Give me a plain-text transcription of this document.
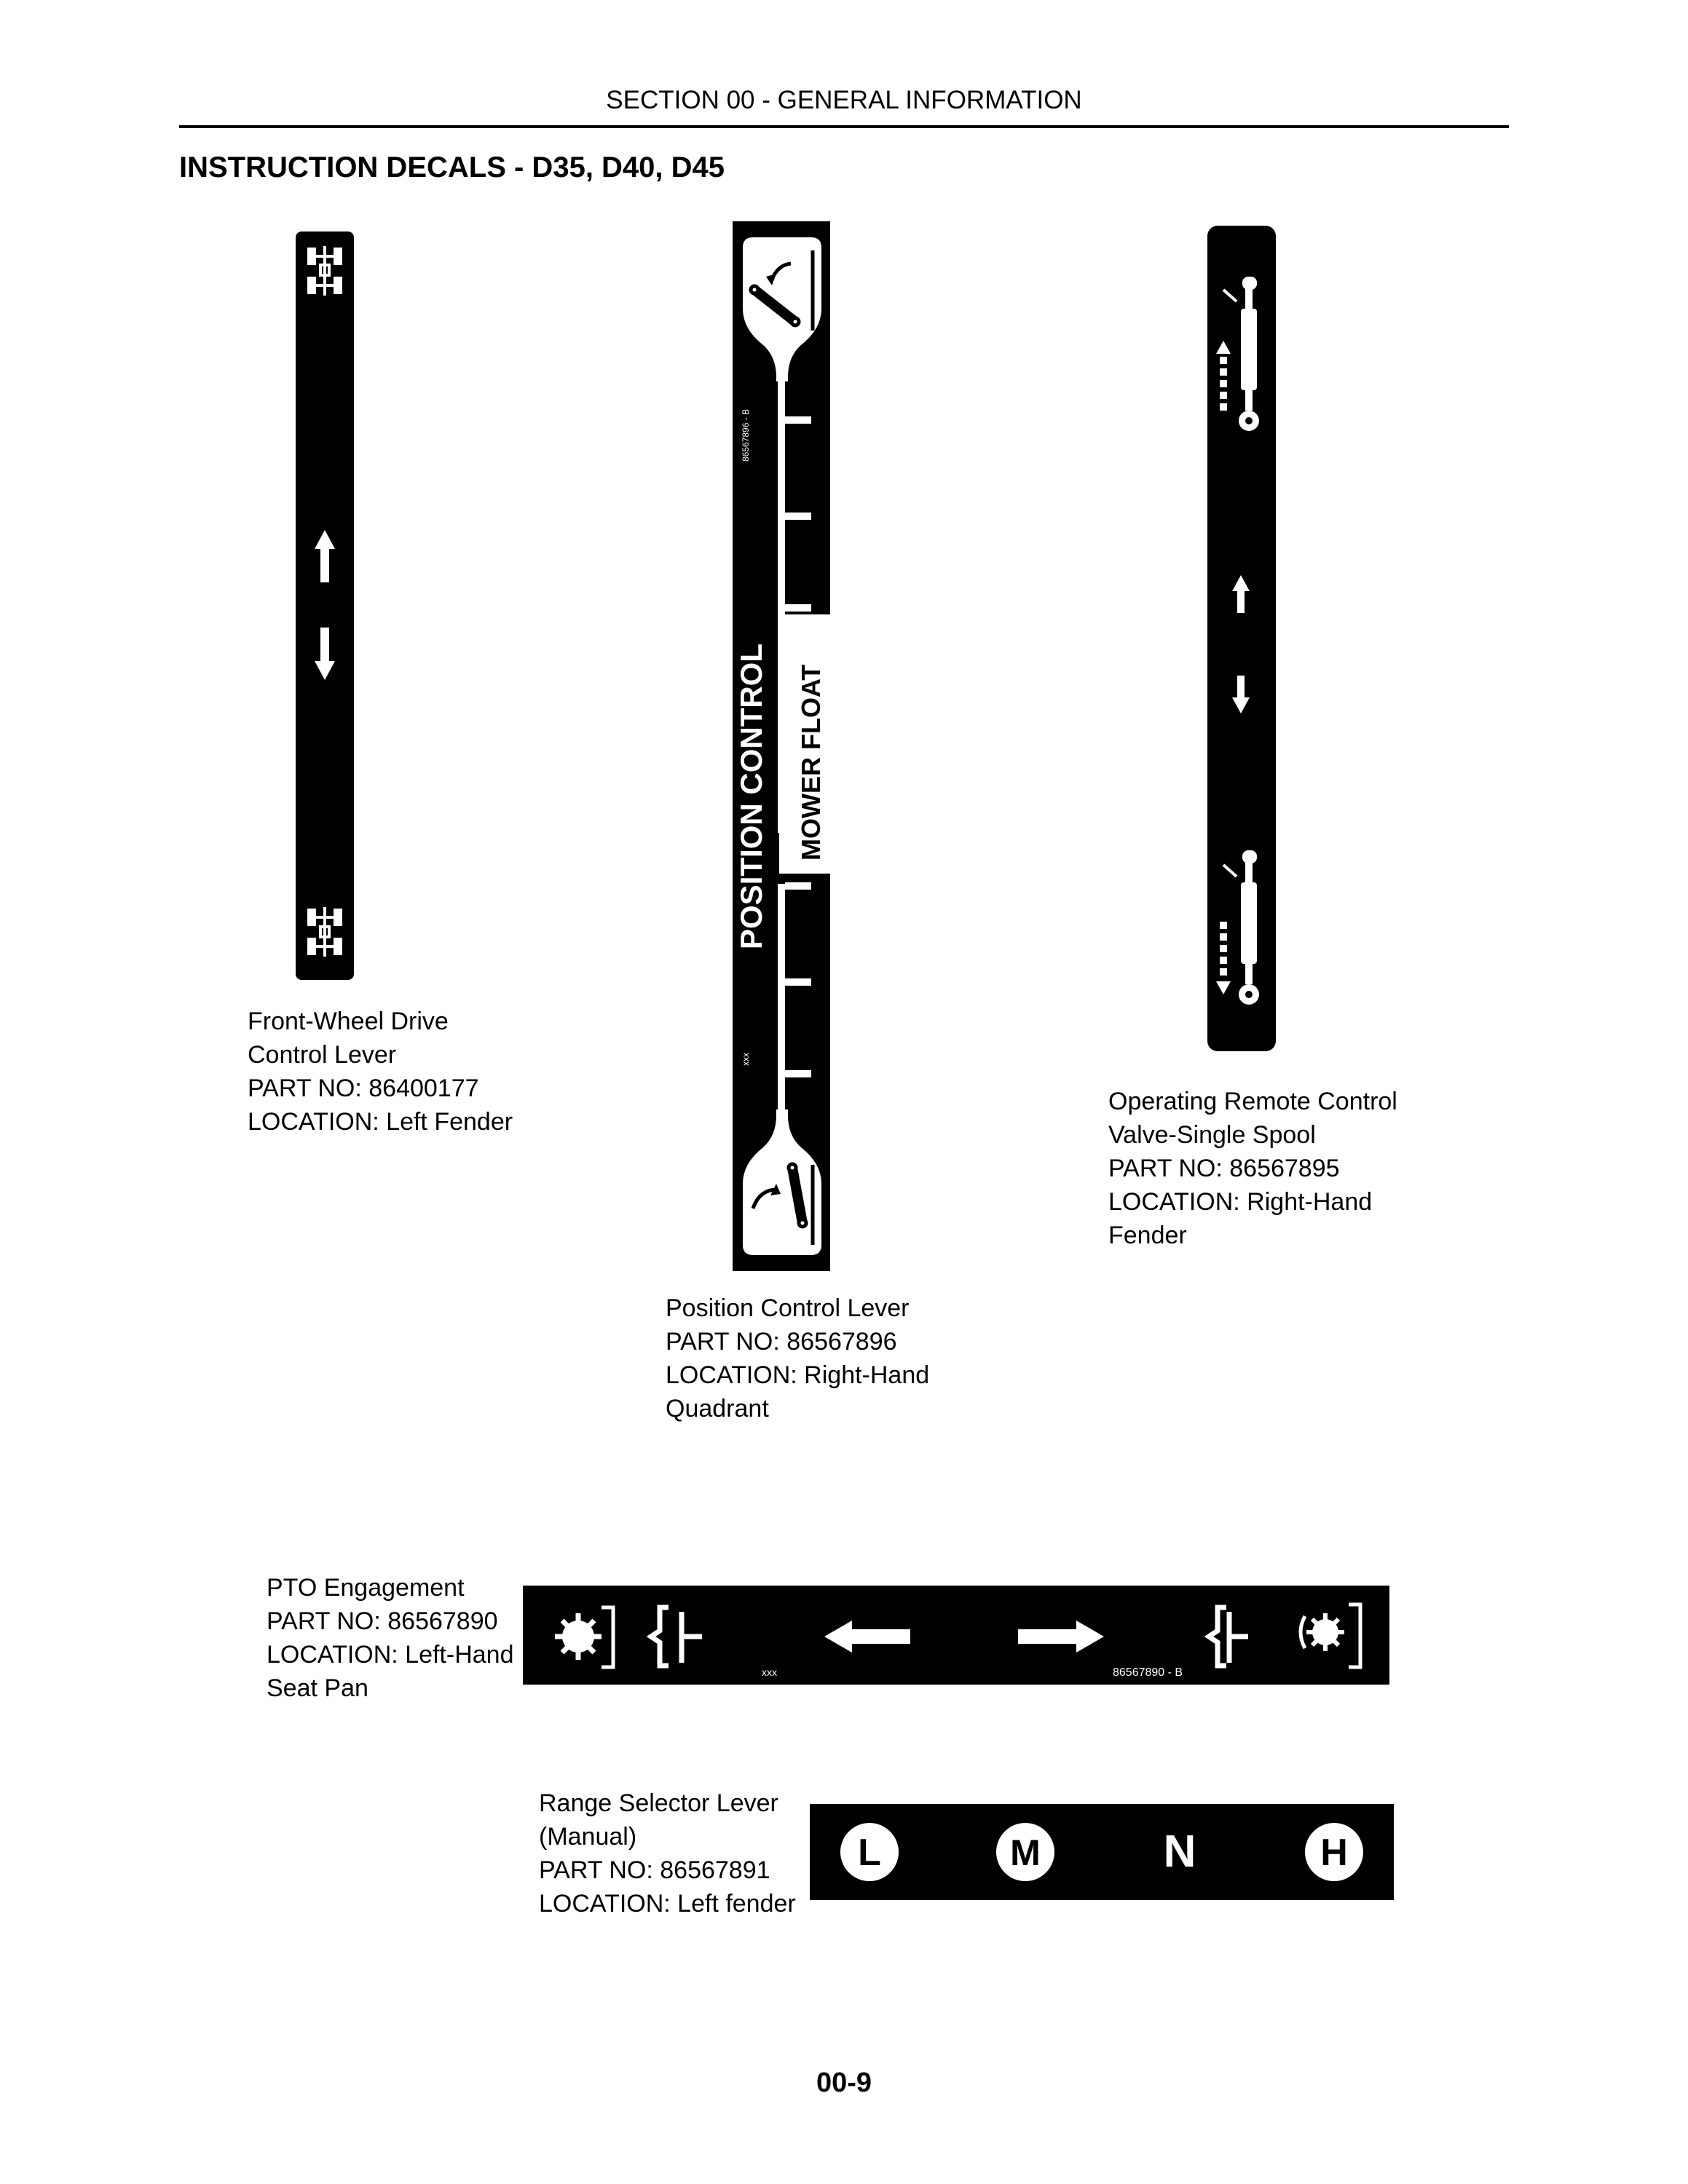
SECTION 00 - GENERAL INFORMATION
INSTRUCTION DECALS - D35, D40, D45
Front-Wheel Drive
Control Lever
PART NO: 86400177
LOCATION: Left Fender
POSITION CONTROL MOWER FLOAT
86567896 - B
xxx
Position Control Lever
PART NO: 86567896
LOCATION: Right-Hand
Quadrant
Operating Remote Control
Valve-Single Spool
PART NO: 86567895
LOCATION: Right-Hand
Fender
PTO Engagement
PART NO: 86567890
LOCATION: Left-Hand
Seat Pan
xxx	86567890 - B
Range Selector Lever
(Manual)
PART NO: 86567891
LOCATION: Left fender
L	M	N	H
00-9
